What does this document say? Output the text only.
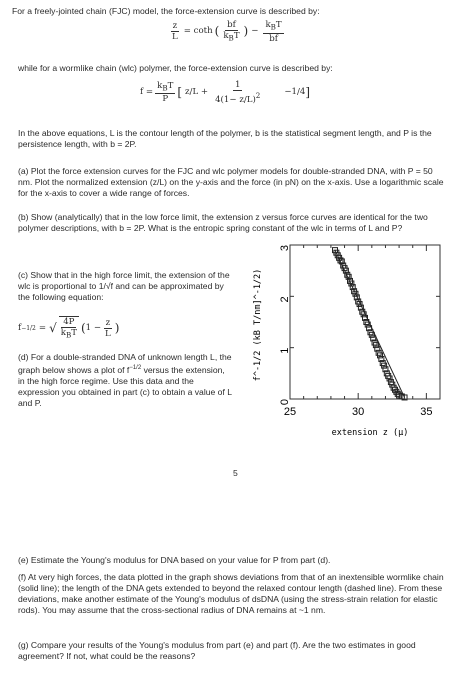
For a freely-jointed chain (FJC) model, the force-extension curve is described by:
$\frac{z}{L} = \cot h$ ( $\frac{bf}{k_BT}$ ) − $\frac{k_BT}{bf}$
while for a wormlike chain (wlc) polymer, the force-extension curve is described by:
$f = \frac{k_BT}{P}$ [ $z/L + \frac{1}{4(1- z/L)^2}$	−1/4 ]
In the above equations, L is the contour length of the polymer, b is the statistical segment length, and P is the persistence length, with b = 2P.
(a) Plot the force extension curves for the FJC and wlc polymer models for double-stranded DNA, with P = 50 nm. Plot the normalized extension (z/L) on the y-axis and the force (in pN) on the x-axis. Use a logarithmic scale for the x-axis to cover a wide range of forces.
(b) Show (analytically) that in the low force limit, the extension z versus force curves are identical for the two polymer descriptions, with b = 2P. What is the entropic spring constant of the wlc in terms of L and P?
(c) Show that in the high force limit, the extension of the wlc is proportional to 1/√f and can be approximated by the following equation:
f −1/2 = √ $\frac{4P}{k_BT}$ ( $1 - \frac{z}{L}$ )
(d) For a double-stranded DNA of unknown length L, the graph below shows a plot of $f^{-1/2}$ versus the extension, in the high force regime. Use this data and the expression you obtained in part (c) to obtain a value of L and P.	0
1
2
3
25	30	35
f^-1/2 (kB T/nm]^-1/2)
extension z (μ)
5
(e) Estimate the Young's modulus for DNA based on your value for P from part (d).
(f) At very high forces, the data plotted in the graph shows deviations from that of an inextensible wormlike chain (solid line); the length of the DNA gets extended to beyond the relaxed contour length (dashed line). From these deviations, make another estimate of the Young's modulus of dsDNA (using the stress-strain relation for elastic rods). You may assume that the cross-sectional radius of DNA remains at ~1 nm.
(g) Compare your results of the Young's modulus from part (e) and part (f). Are the two estimates in good agreement? If not, what could be the reasons?
